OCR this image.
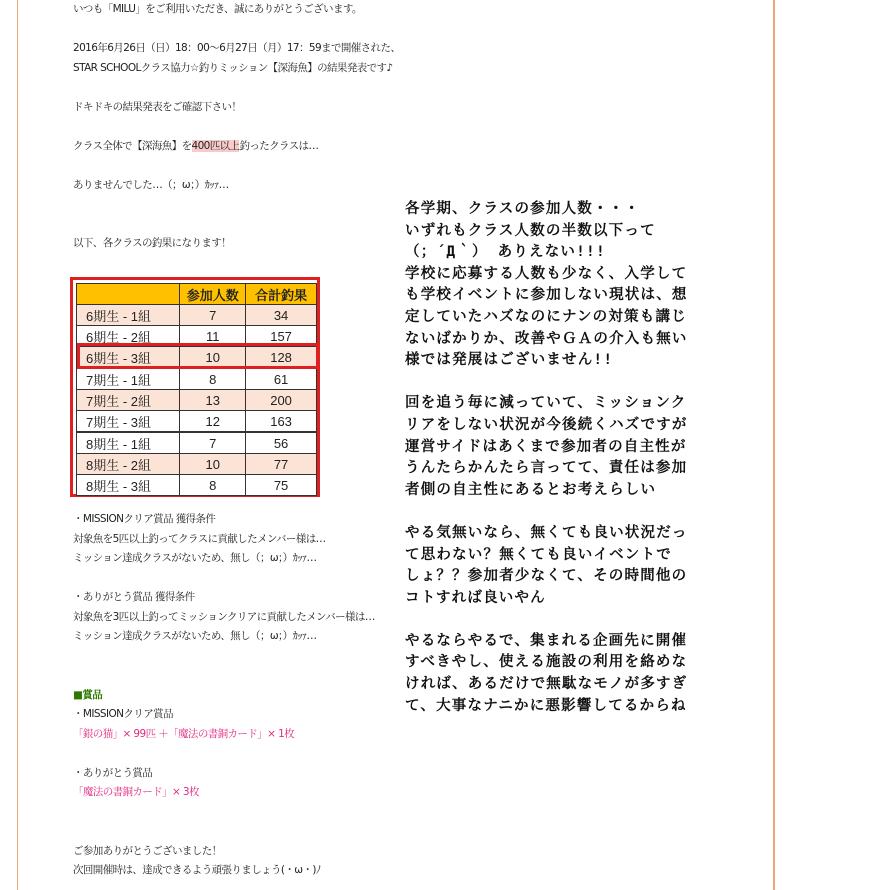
いつも「MILU」をご利用いただき、誠にありがとうございます。

2016年6月26日（日）18：00～6月27日（月）17：59まで開催された、

STAR SCHOOLクラス協力☆釣りミッション【深海魚】の結果発表です♪

ドキドキの結果発表をご確認下さい！

クラス全体で【深海魚】を400匹以上釣ったクラスは…

ありませんでした…（；ω；）ｶｯｧ…

以下、各クラスの釣果になります！

	参加人数	合計釣果
6期生 - 1組	7	34
6期生 - 2組	11	157
6期生 - 3組	10	128
7期生 - 1組	8	61
7期生 - 2組	13	200
7期生 - 3組	12	163
8期生 - 1組	7	56
8期生 - 2組	10	77
8期生 - 3組	8	75

・MISSIONクリア賞品 獲得条件

対象魚を5匹以上釣ってクラスに貢献したメンバー様は…

ミッション達成クラスがないため、無し（；ω；）ｶｯｧ…

・ありがとう賞品 獲得条件

対象魚を3匹以上釣ってミッションクリアに貢献したメンバー様は…

ミッション達成クラスがないため、無し（；ω；）ｶｯｧ…

■賞品

・MISSIONクリア賞品

「銀の猫」× 99匹 ＋「魔法の書銅カード」× 1枚

・ありがとう賞品

「魔法の書銅カード」× 3枚

ご参加ありがとうございました！

次回開催時は、達成できるよう頑張りましょう(・ω・)ﾉ

各学期、クラスの参加人数・・・

いずれもクラス人数の半数以下って

（；´Д｀） ありえない!!!

学校に応募する人数も少なく、入学して

も学校イベントに参加しない現状は、想

定していたハズなのにナンの対策も講じ

ないばかりか、改善やＧＡの介入も無い

様では発展はございません!!

回を追う毎に減っていて、ミッションク

リアをしない状況が今後続くハズですが

運営サイドはあくまで参加者の自主性が

うんたらかんたら言ってて、責任は参加

者側の自主性にあるとお考えらしい

やる気無いなら、無くても良い状況だっ

て思わない？無くても良いイベントで

しょ？？参加者少なくて、その時間他の

コトすれば良いやん

やるならやるで、集まれる企画先に開催

すべきやし、使える施設の利用を絡めな

ければ、あるだけで無駄なモノが多すぎ

て、大事なナニかに悪影響してるからね
